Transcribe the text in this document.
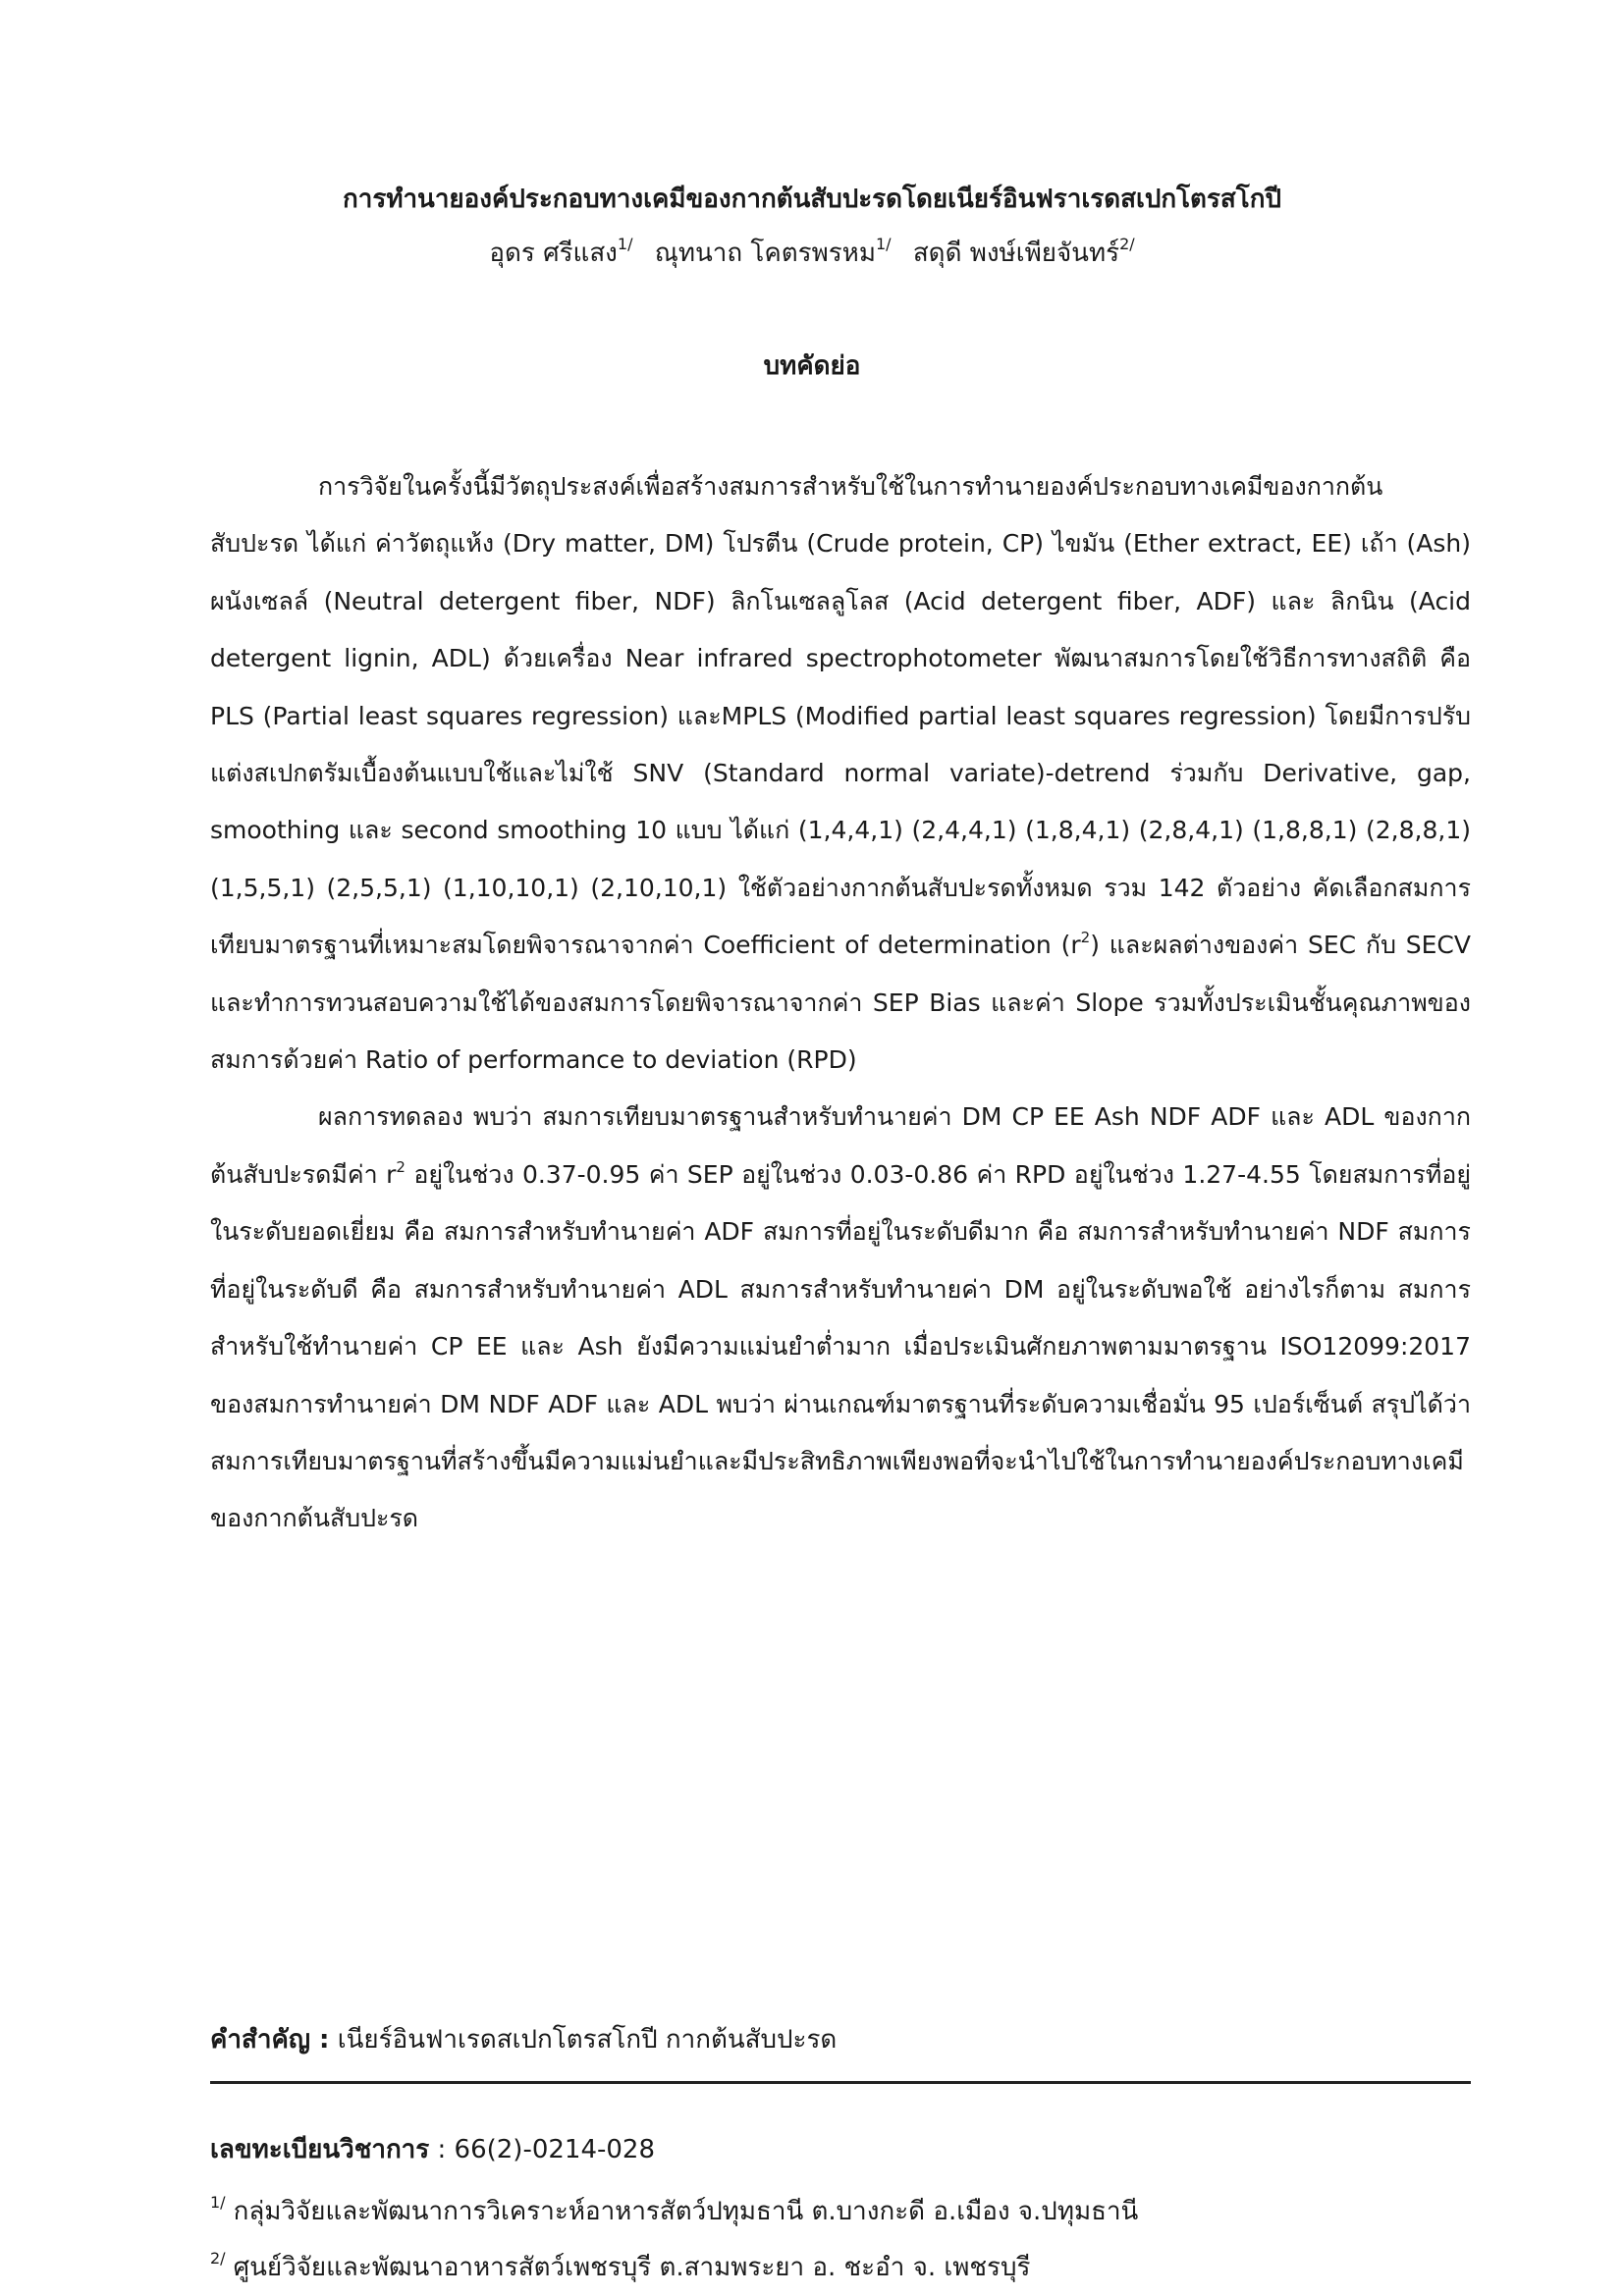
การทำนายองค์ประกอบทางเคมีของกากต้นสับปะรดโดยเนียร์อินฟราเรดสเปกโตรสโกปี
อุดร ศรีแสง$^{1/}$ ณุทนาถ โคตรพรหม$^{1/}$ สดุดี พงษ์เพียจันทร์$^{2/}$
บทคัดย่อ

การวิจัยในครั้งนี้มีวัตถุประสงค์เพื่อสร้างสมการสำหรับใช้ในการทำนายองค์ประกอบทางเคมีของกากต้นสับปะรด ได้แก่ ค่าวัตถุแห้ง (Dry matter, DM) โปรตีน (Crude protein, CP) ไขมัน (Ether extract, EE) เถ้า (Ash) ผนังเซลล์ (Neutral detergent fiber, NDF) ลิกโนเซลลูโลส (Acid detergent fiber, ADF) และ ลิกนิน (Acid detergent lignin, ADL) ด้วยเครื่อง Near infrared spectrophotometer พัฒนาสมการโดยใช้วิธีการทางสถิติ คือ PLS (Partial least squares regression) และMPLS (Modified partial least squares regression) โดยมีการปรับแต่งสเปกตรัมเบื้องต้นแบบใช้และไม่ใช้ SNV (Standard normal variate)-detrend ร่วมกับ Derivative, gap, smoothing และ second smoothing 10 แบบ ได้แก่ (1,4,4,1) (2,4,4,1) (1,8,4,1) (2,8,4,1) (1,8,8,1) (2,8,8,1) (1,5,5,1) (2,5,5,1) (1,10,10,1) (2,10,10,1) ใช้ตัวอย่างกากต้นสับปะรดทั้งหมด รวม 142 ตัวอย่าง คัดเลือกสมการเทียบมาตรฐานที่เหมาะสมโดยพิจารณาจากค่า Coefficient of determination $(r^2)$ และผลต่างของค่า SEC กับ SECV และทำการทวนสอบความใช้ได้ของสมการโดยพิจารณาจากค่า SEP Bias และค่า Slope รวมทั้งประเมินชั้นคุณภาพของสมการด้วยค่า Ratio of performance to deviation (RPD)

ผลการทดลอง พบว่า สมการเทียบมาตรฐานสำหรับทำนายค่า DM CP EE Ash NDF ADF และ ADL ของกากต้นสับปะรดมีค่า $r^2$ อยู่ในช่วง 0.37-0.95 ค่า SEP อยู่ในช่วง 0.03-0.86 ค่า RPD อยู่ในช่วง 1.27-4.55 โดยสมการที่อยู่ในระดับยอดเยี่ยม คือ สมการสำหรับทำนายค่า ADF สมการที่อยู่ในระดับดีมาก คือ สมการสำหรับทำนายค่า NDF สมการที่อยู่ในระดับดี คือ สมการสำหรับทำนายค่า ADL สมการสำหรับทำนายค่า DM อยู่ในระดับพอใช้ อย่างไรก็ตาม สมการสำหรับใช้ทำนายค่า CP EE และ Ash ยังมีความแม่นยำต่ำมาก เมื่อประเมินศักยภาพตามมาตรฐาน ISO12099:2017 ของสมการทำนายค่า DM NDF ADF และ ADL พบว่า ผ่านเกณฑ์มาตรฐานที่ระดับความเชื่อมั่น 95 เปอร์เซ็นต์ สรุปได้ว่า สมการเทียบมาตรฐานที่สร้างขึ้นมีความแม่นยำและมีประสิทธิภาพเพียงพอที่จะนำไปใช้ในการทำนายองค์ประกอบทางเคมีของกากต้นสับปะรด

คำสำคัญ : เนียร์อินฟาเรดสเปกโตรสโกปี กากต้นสับปะรด
เลขทะเบียนวิชาการ : 66(2)-0214-028
$^{1/}$ กลุ่มวิจัยและพัฒนาการวิเคราะห์อาหารสัตว์ปทุมธานี ต.บางกะดี อ.เมือง จ.ปทุมธานี
$^{2/}$ ศูนย์วิจัยและพัฒนาอาหารสัตว์เพชรบุรี ต.สามพระยา อ. ชะอำ จ. เพชรบุรี
